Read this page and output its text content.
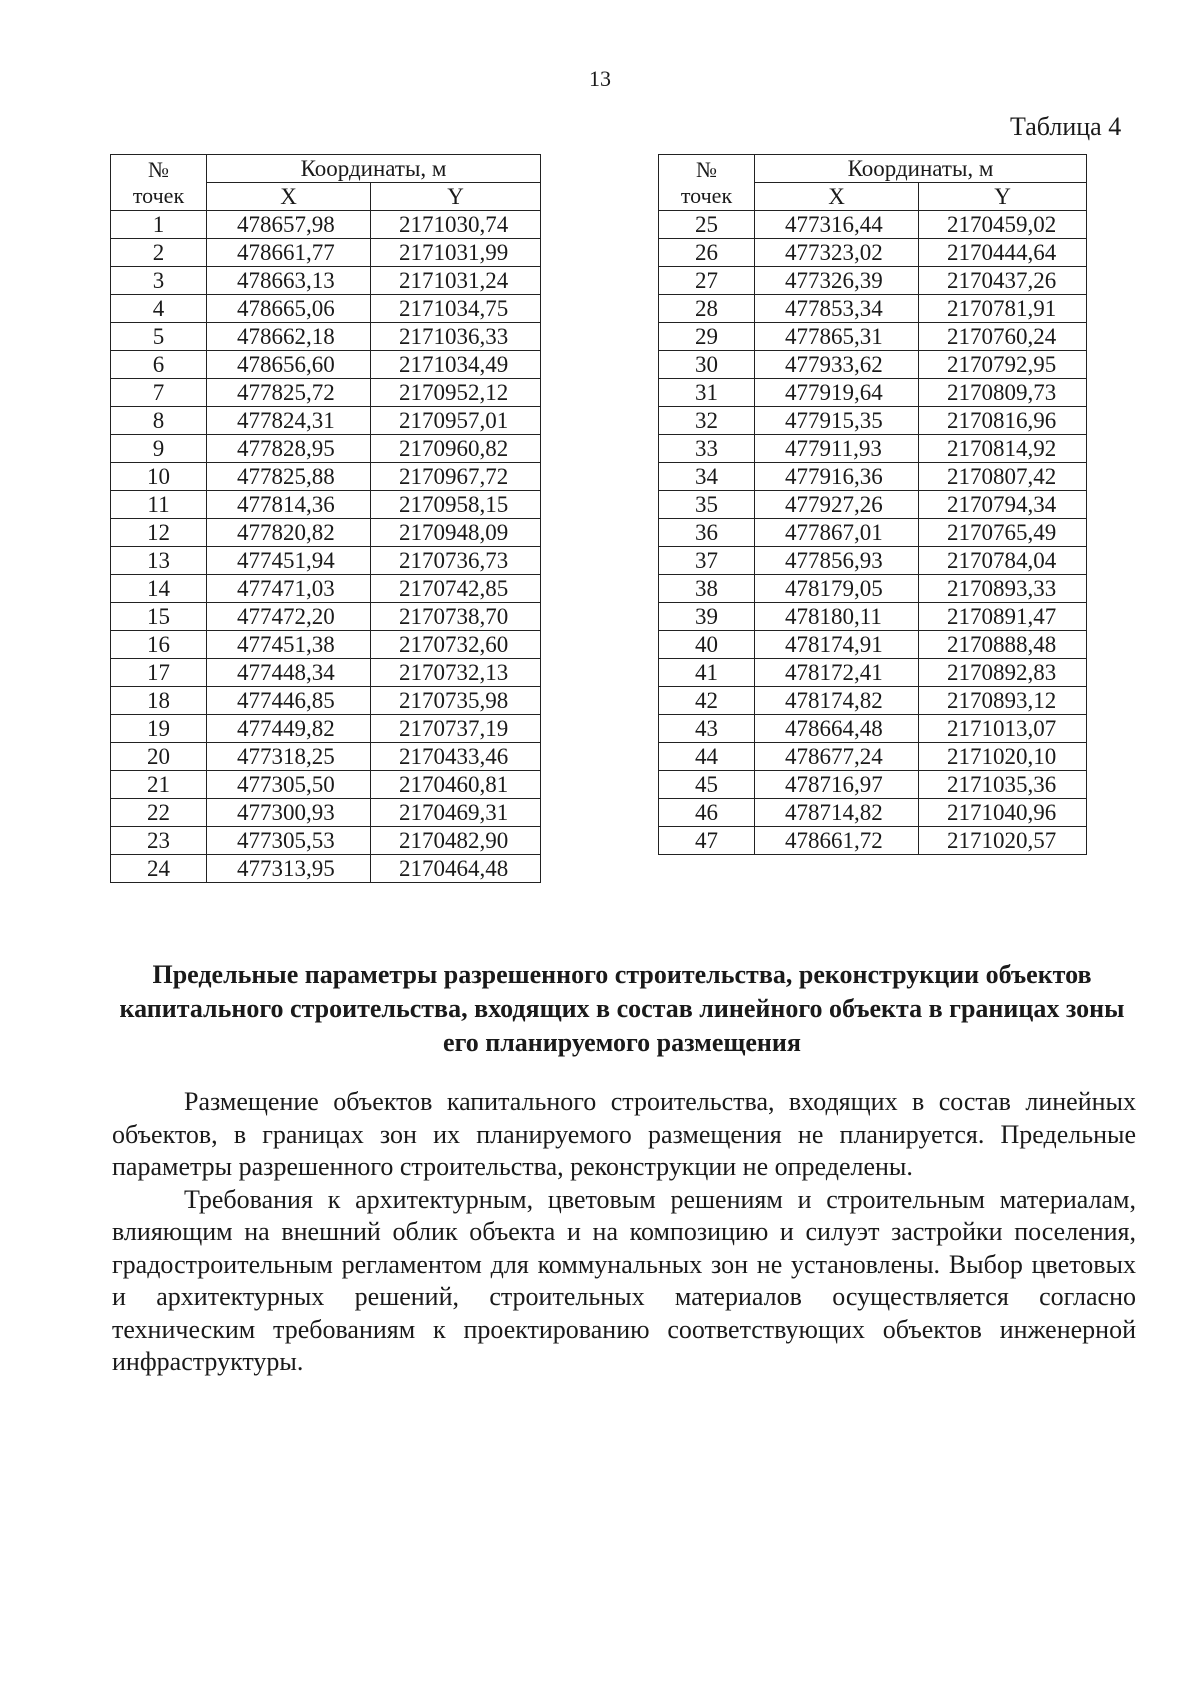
13
Таблица 4
№
точек	Координаты, м	
	X	Y
1	478657,98	2171030,74
2	478661,77	2171031,99
3	478663,13	2171031,24
4	478665,06	2171034,75
5	478662,18	2171036,33
6	478656,60	2171034,49
7	477825,72	2170952,12
8	477824,31	2170957,01
9	477828,95	2170960,82
10	477825,88	2170967,72
11	477814,36	2170958,15
12	477820,82	2170948,09
13	477451,94	2170736,73
14	477471,03	2170742,85
15	477472,20	2170738,70
16	477451,38	2170732,60
17	477448,34	2170732,13
18	477446,85	2170735,98
19	477449,82	2170737,19
20	477318,25	2170433,46
21	477305,50	2170460,81
22	477300,93	2170469,31
23	477305,53	2170482,90
24	477313,95	2170464,48
№
точек	Координаты, м	
	X	Y
25	477316,44	2170459,02
26	477323,02	2170444,64
27	477326,39	2170437,26
28	477853,34	2170781,91
29	477865,31	2170760,24
30	477933,62	2170792,95
31	477919,64	2170809,73
32	477915,35	2170816,96
33	477911,93	2170814,92
34	477916,36	2170807,42
35	477927,26	2170794,34
36	477867,01	2170765,49
37	477856,93	2170784,04
38	478179,05	2170893,33
39	478180,11	2170891,47
40	478174,91	2170888,48
41	478172,41	2170892,83
42	478174,82	2170893,12
43	478664,48	2171013,07
44	478677,24	2171020,10
45	478716,97	2171035,36
46	478714,82	2171040,96
47	478661,72	2171020,57
Предельные параметры разрешенного строительства, реконструкции объектов капитального строительства, входящих в состав линейного объекта в границах зоны его планируемого размещения

Размещение объектов капитального строительства, входящих в состав линейных объектов, в границах зон их планируемого размещения не планируется. Предельные параметры разрешенного строительства, реконструкции не определены.

Требования к архитектурным, цветовым решениям и строительным материалам, влияющим на внешний облик объекта и на композицию и силуэт застройки поселения, градостроительным регламентом для коммунальных зон не установлены. Выбор цветовых и архитектурных решений, строительных материалов осуществляется согласно техническим требованиям к проектированию соответствующих объектов инженерной инфраструктуры.
